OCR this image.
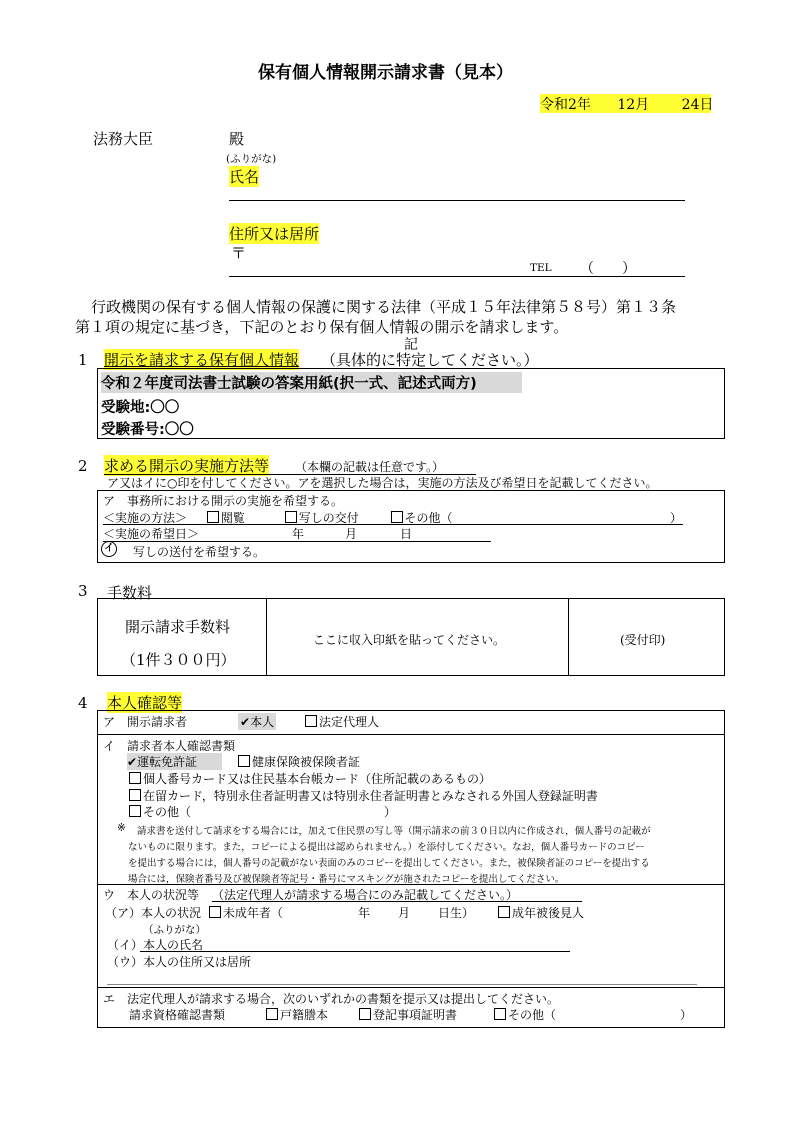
保有個人情報開示請求書（見本）
令和2年 12月 24日
法務大臣	殿
(ふりがな)
氏名
住所又は居所
〒
TEL （　　）
行政機関の保有する個人情報の保護に関する法律（平成１５年法律第５８号）第１３条
第１項の規定に基づき，下記のとおり保有個人情報の開示を請求します。
記
1 開示を請求する保有個人情報 （具体的に特定してください。）
令和２年度司法書士試験の答案用紙(択一式、記述式両方)
受験地:〇〇
受験番号:〇〇
2 求める開示の実施方法等 （本欄の記載は任意です。）
ア又はイに○印を付してください。アを選択した場合は，実施の方法及び希望日を記載してください。
ア　事務所における開示の実施を希望する。
＜実施の方法＞	閲覧	写しの交付	その他（	）
＜実施の希望日＞	年	月	日
イ 写しの送付を希望する。
3 手数料
開示請求手数料
（1件３００円）
ここに収入印紙を貼ってください。	(受付印)
4 本人確認等
ア　開示請求者	✔本人	法定代理人
イ　請求者本人確認書類
✔運転免許証	健康保険被保険者証
個人番号カード又は住民基本台帳カード（住所記載のあるもの）
在留カード，特別永住者証明書又は特別永住者証明書とみなされる外国人登録証明書
その他（	）
※ 請求書を送付して請求をする場合には，加えて住民票の写し等（開示請求の前３０日以内に作成され，個人番号の記載が
ないものに限ります。また，コピーによる提出は認められません。）を添付してください。なお，個人番号カードのコピー
を提出する場合には，個人番号の記載がない表面のみのコピーを提出してください。また，被保険者証のコピーを提出する
場合には，保険者番号及び被保険者等記号・番号にマスキングが施されたコピーを提出してください。
ウ　本人の状況等 （法定代理人が請求する場合にのみ記載してください。）
（ア）本人の状況 未成年者（	年 月 日生）	成年被後見人
（ふりがな）
（イ）本人の氏名
（ウ）本人の住所又は居所
エ　法定代理人が請求する場合，次のいずれかの書類を提示又は提出してください。
請求資格確認書類	戸籍謄本	登記事項証明書	その他（	）
